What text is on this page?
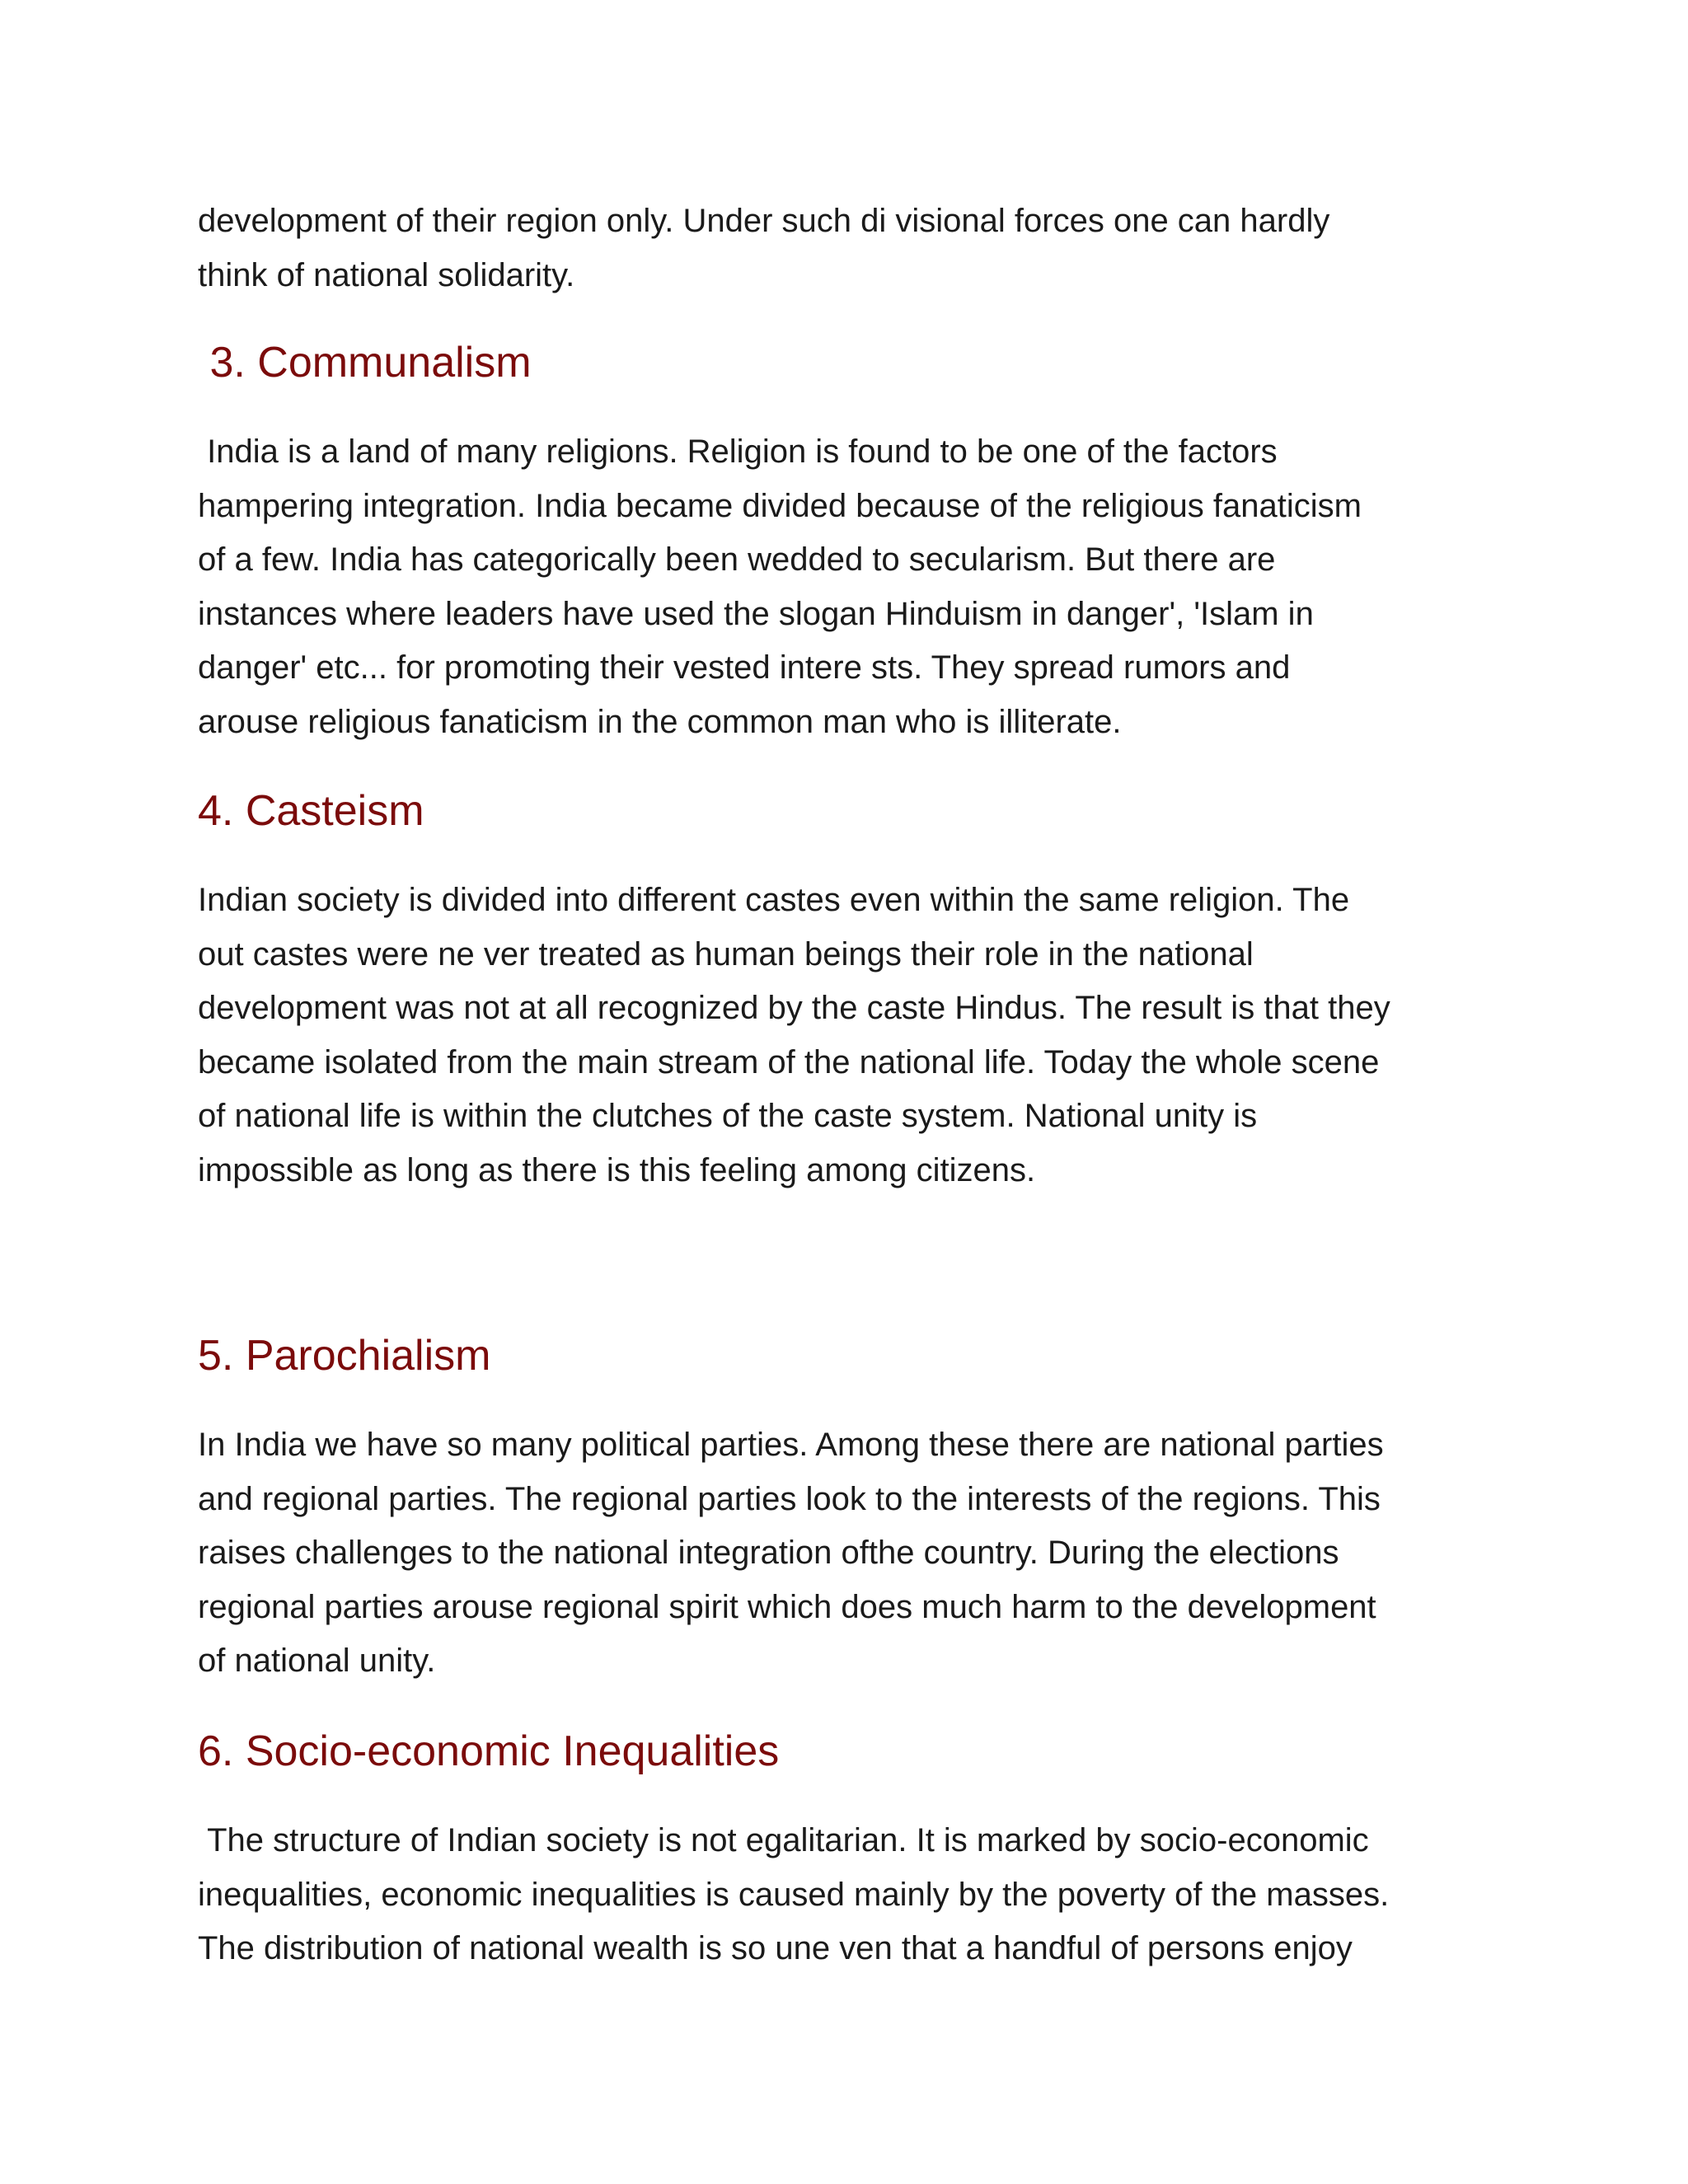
development of their region only. Under such di visional forces one can hardly

think of national solidarity.

3. Communalism

India is a land of many religions. Religion is found to be one of the factors

hampering integration. India became divided because of the religious fanaticism

of a few. India has categorically been wedded to secularism. But there are

instances where leaders have used the slogan Hinduism in danger', 'Islam in

danger' etc... for promoting their vested intere sts. They spread rumors and

arouse religious fanaticism in the common man who is illiterate.

4. Casteism

Indian society is divided into different castes even within the same religion. The

out castes were ne ver treated as human beings their role in the national

development was not at all recognized by the caste Hindus. The result is that they

became isolated from the main stream of the national life. Today the whole scene

of national life is within the clutches of the caste system. National unity is

impossible as long as there is this feeling among citizens.

5. Parochialism

In India we have so many political parties. Among these there are national parties

and regional parties. The regional parties look to the interests of the regions. This

raises challenges to the national integration ofthe country. During the elections

regional parties arouse regional spirit which does much harm to the development

of national unity.

6. Socio-economic Inequalities

The structure of Indian society is not egalitarian. It is marked by socio-economic

inequalities, economic inequalities is caused mainly by the poverty of the masses.

The distribution of national wealth is so une ven that a handful of persons enjoy
